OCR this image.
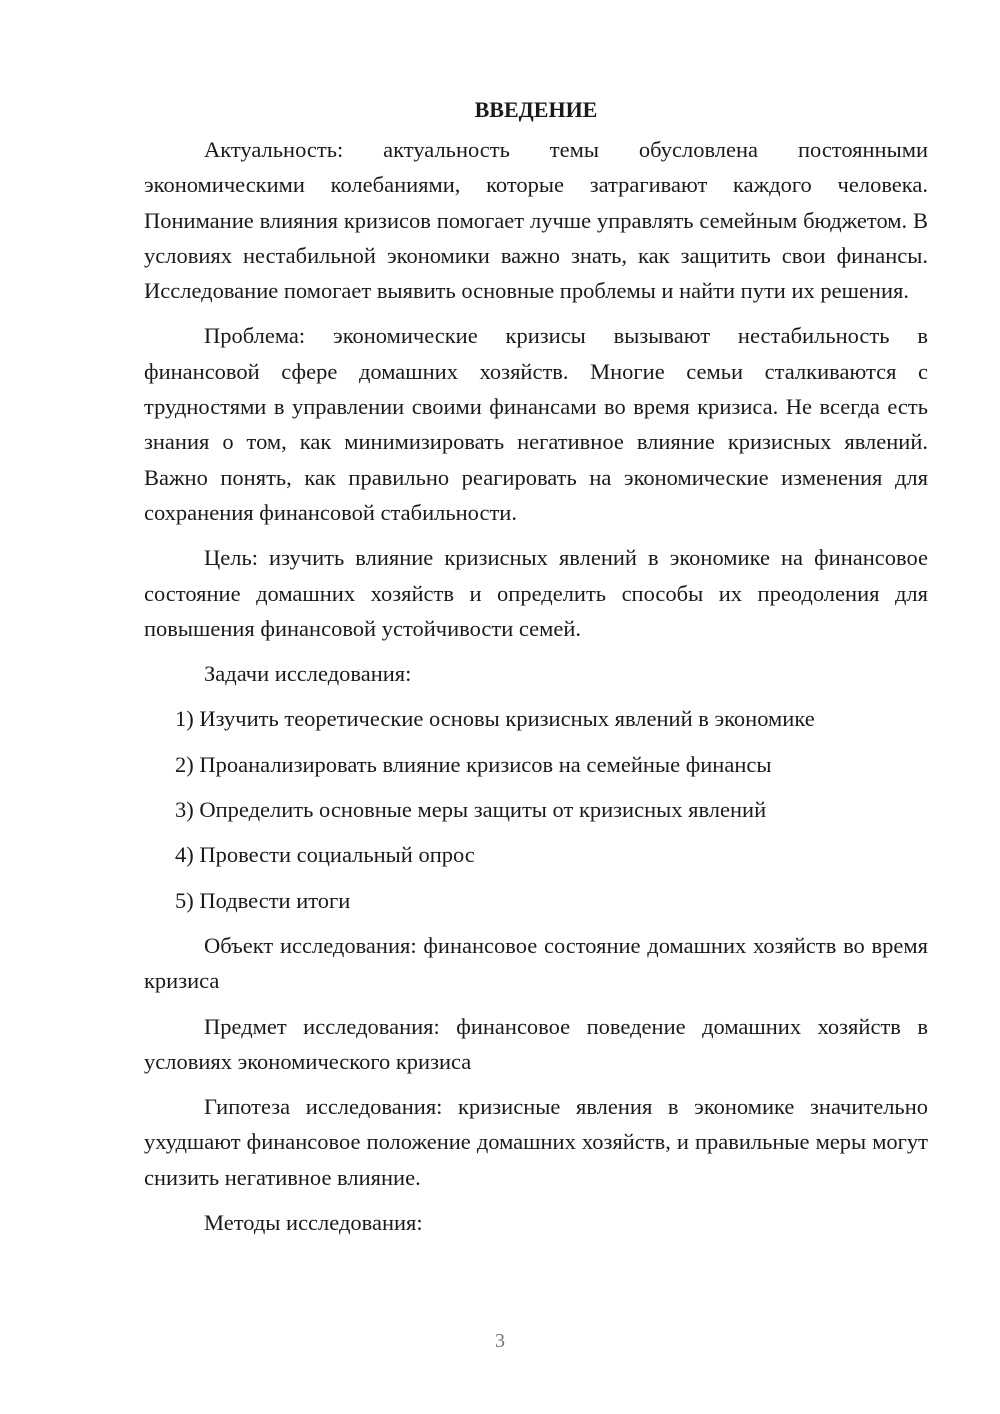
ВВЕДЕНИЕ

Актуальность: актуальность темы обусловлена постоянными экономическими колебаниями, которые затрагивают каждого человека. Понимание влияния кризисов помогает лучше управлять семейным бюджетом. В условиях нестабильной экономики важно знать, как защитить свои финансы. Исследование помогает выявить основные проблемы и найти пути их решения.

Проблема: экономические кризисы вызывают нестабильность в финансовой сфере домашних хозяйств. Многие семьи сталкиваются с трудностями в управлении своими финансами во время кризиса. Не всегда есть знания о том, как минимизировать негативное влияние кризисных явлений. Важно понять, как правильно реагировать на экономические изменения для сохранения финансовой стабильности.

Цель: изучить влияние кризисных явлений в экономике на финансовое состояние домашних хозяйств и определить способы их преодоления для повышения финансовой устойчивости семей.

Задачи исследования:

1) Изучить теоретические основы кризисных явлений в экономике
2) Проанализировать влияние кризисов на семейные финансы
3) Определить основные меры защиты от кризисных явлений
4) Провести социальный опрос
5) Подвести итоги

Объект исследования: финансовое состояние домашних хозяйств во время кризиса

Предмет исследования: финансовое поведение домашних хозяйств в условиях экономического кризиса

Гипотеза исследования: кризисные явления в экономике значительно ухудшают финансовое положение домашних хозяйств, и правильные меры могут снизить негативное влияние.

Методы исследования:

3
